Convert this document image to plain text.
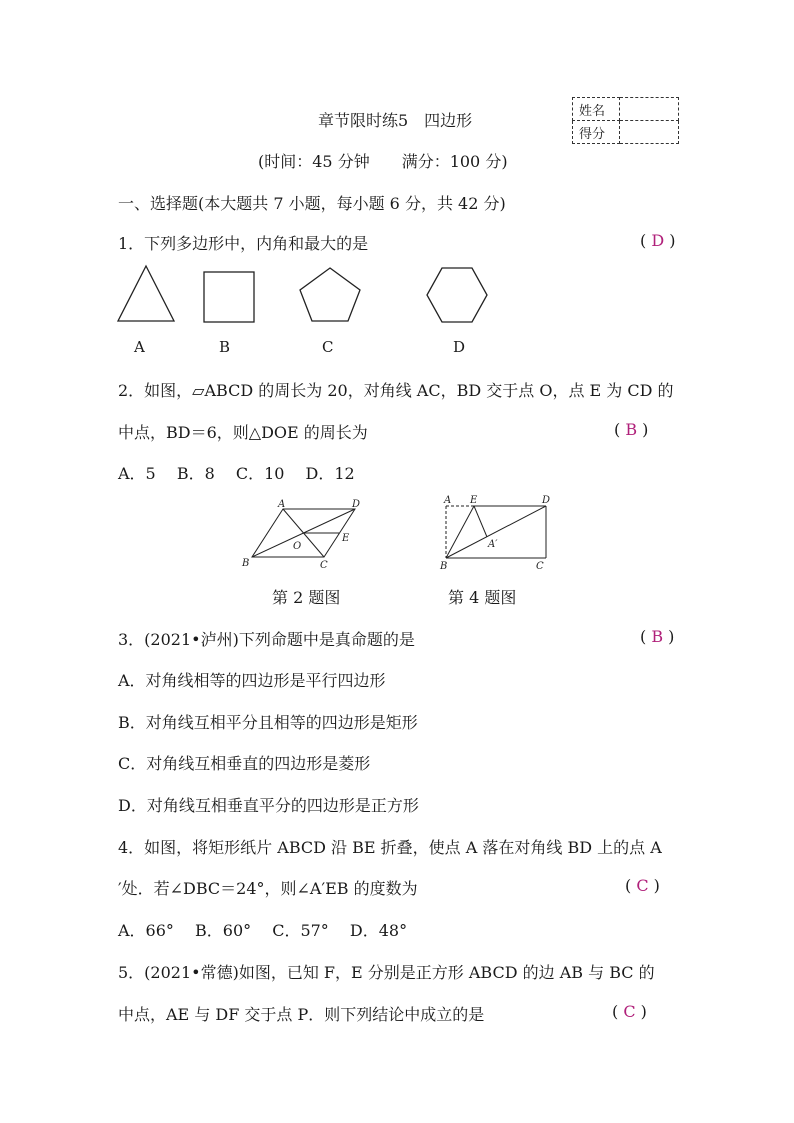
章节限时练5　四边形	姓名	
得分	
(时间：45 分钟　　满分：100 分)
一、选择题(本大题共 7 小题，每小题 6 分，共 42 分)
1．下列多边形中，内角和最大的是	( D )
A	B	C	D
2．如图，▱ABCD 的周长为 20，对角线 AC，BD 交于点 O，点 E 为 CD 的
中点，BD＝6，则△DOE 的周长为	( B )
A．5　 B．8　 C．10　 D．12
A	D
B	C
O
E
第 2 题图
A E	D
B	C
A′
第 4 题图
3．(2021•泸州)下列命题中是真命题的是	( B )
A．对角线相等的四边形是平行四边形
B．对角线互相平分且相等的四边形是矩形
C．对角线互相垂直的四边形是菱形
D．对角线互相垂直平分的四边形是正方形
4．如图，将矩形纸片 ABCD 沿 BE 折叠，使点 A 落在对角线 BD 上的点 A
′处．若∠DBC＝24°，则∠A′EB 的度数为	( C )
A．66°　 B．60°　 C．57°　 D．48°
5．(2021•常德)如图，已知 F，E 分别是正方形 ABCD 的边 AB 与 BC 的
中点，AE 与 DF 交于点 P．则下列结论中成立的是	( C )
